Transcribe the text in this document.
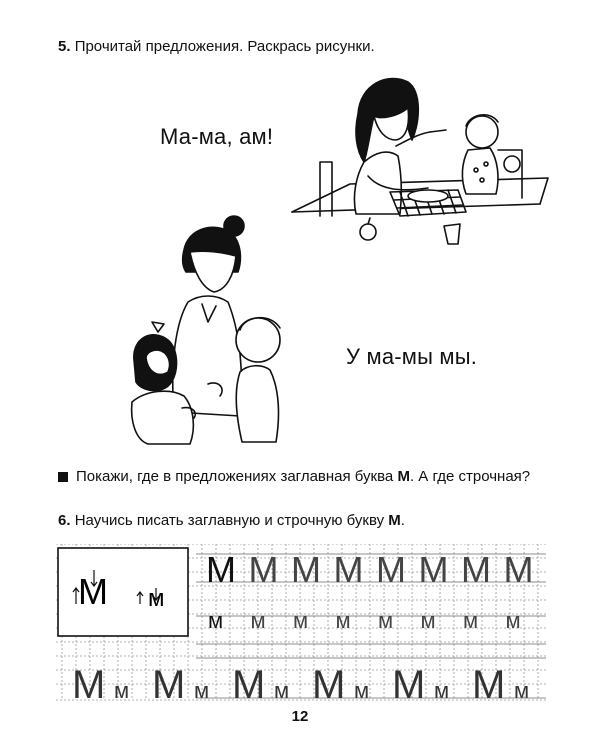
5. Прочитай предложения. Раскрась рисунки.
Ма-ма, ам!
У ма-мы мы.
Покажи, где в предложениях заглавная буква М. А где строчная?
6. Научись писать заглавную и строчную букву М.
М м
М М М М М М М М
м м м м м м м м
М м М м М м М м М м М м
12
